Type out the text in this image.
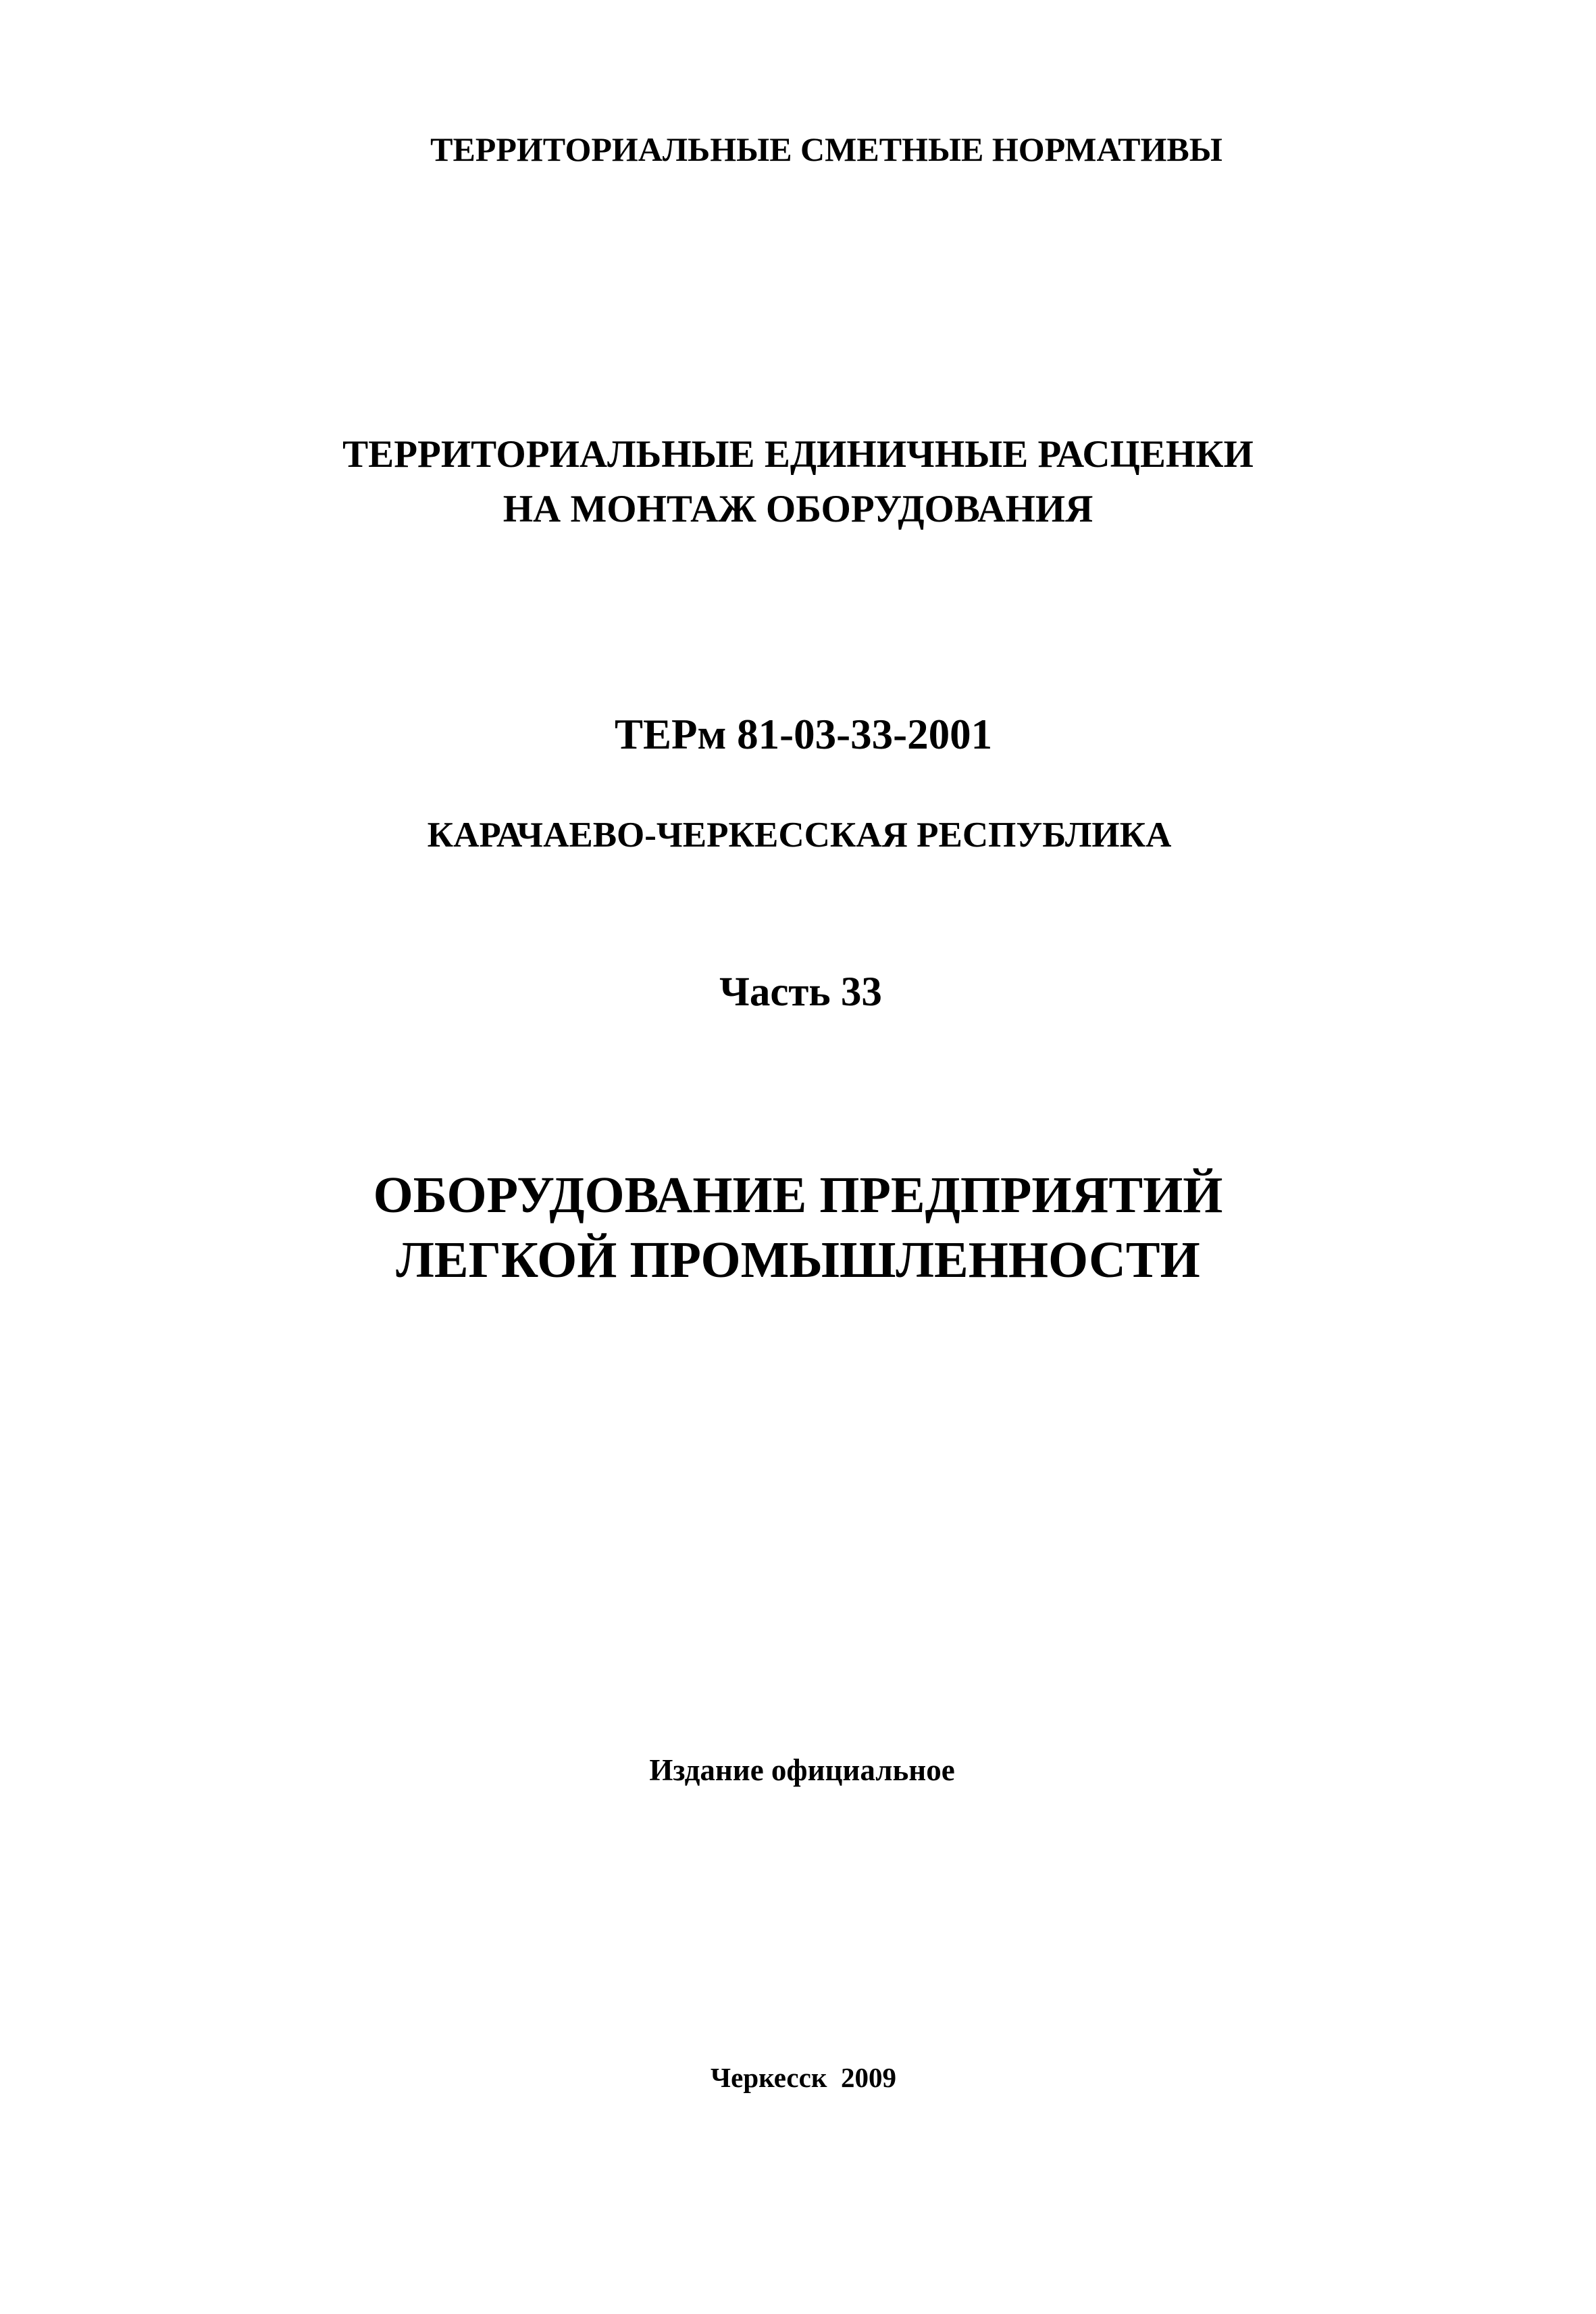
ТЕРРИТОРИАЛЬНЫЕ СМЕТНЫЕ НОРМАТИВЫ

ТЕРРИТОРИАЛЬНЫЕ ЕДИНИЧНЫЕ РАСЦЕНКИ

НА МОНТАЖ ОБОРУДОВАНИЯ

ТЕРм 81-03-33-2001

КАРАЧАЕВО-ЧЕРКЕССКАЯ РЕСПУБЛИКА

Часть 33

ОБОРУДОВАНИЕ ПРЕДПРИЯТИЙ

ЛЕГКОЙ ПРОМЫШЛЕННОСТИ

Издание официальное

Черкесск  2009
